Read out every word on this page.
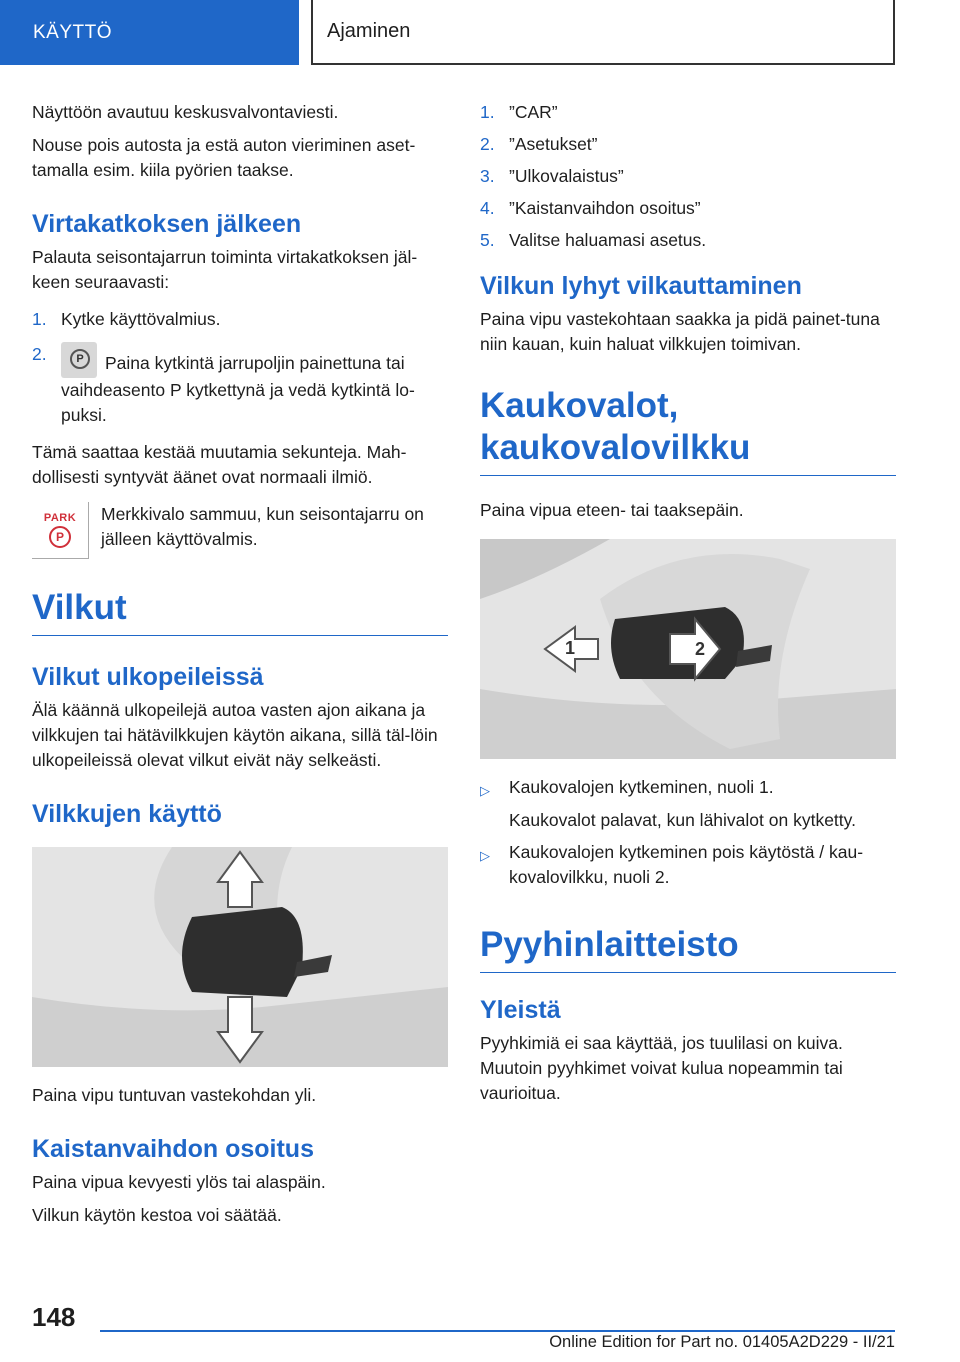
KÄYTTÖ	Ajaminen

Näyttöön avautuu keskusvalvontaviesti.

Nouse pois autosta ja estä auton vieriminen aset‐tamalla esim. kiila pyörien taakse.

Virtakatkoksen jälkeen

Palauta seisontajarrun toiminta virtakatkoksen jäl‐keen seuraavasti:

1. Kytke käyttövalmius.
2.
P	Paina kytkintä jarrupoljin painettuna tai vaihdeasento P kytkettynä ja vedä kytkintä lo‐puksi.

Tämä saattaa kestää muutamia sekunteja. Mah‐dollisesti syntyvät äänet ovat normaali ilmiö.

PARK
P

Merkkivalo sammuu, kun seisontajarru on jälleen käyttövalmis.

Vilkut
Vilkut ulkopeileissä

Älä käännä ulkopeilejä autoa vasten ajon aikana ja vilkkujen tai hätävilkkujen käytön aikana, sillä täl‐löin ulkopeileissä olevat vilkut eivät näy selkeästi.

Vilkkujen käyttö

Paina vipu tuntuvan vastekohdan yli.

Kaistanvaihdon osoitus

Paina vipua kevyesti ylös tai alaspäin.

Vilkun käytön kestoa voi säätää.

1. ”CAR”
2. ”Asetukset”
3. ”Ulkovalaistus”
4. ”Kaistanvaihdon osoitus”
5. Valitse haluamasi asetus.
Vilkun lyhyt vilkauttaminen

Paina vipu vastekohtaan saakka ja pidä painet‐tuna niin kauan, kuin haluat vilkkujen toimivan.

Kaukovalot, kaukovalovilkku

Paina vipua eteen- tai taaksepäin.

1	2
▷	Kaukovalojen kytkeminen, nuoli 1.
Kaukovalot palavat, kun lähivalot on kytketty.
▷	Kaukovalojen kytkeminen pois käytöstä / kau‐kovalovilkku, nuoli 2.
Pyyhinlaitteisto
Yleistä

Pyyhkimiä ei saa käyttää, jos tuulilasi on kuiva. Muutoin pyyhkimet voivat kulua nopeammin tai vaurioitua.

148
Online Edition for Part no. 01405A2D229 - II/21
